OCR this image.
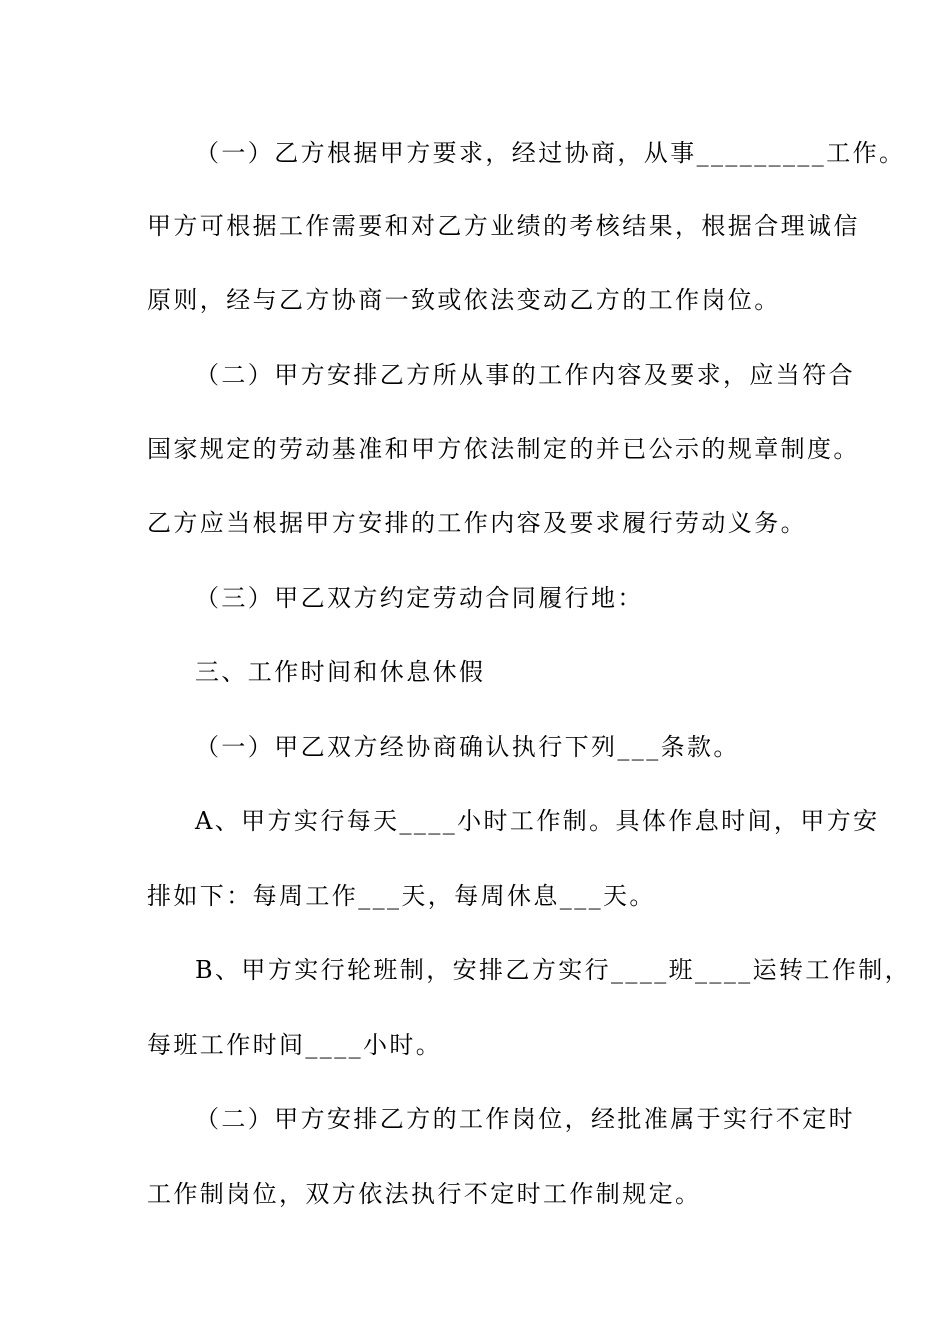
（一）乙方根据甲方要求，经过协商，从事_________工作。
甲方可根据工作需要和对乙方业绩的考核结果，根据合理诚信
原则，经与乙方协商一致或依法变动乙方的工作岗位。
（二）甲方安排乙方所从事的工作内容及要求，应当符合
国家规定的劳动基准和甲方依法制定的并已公示的规章制度。
乙方应当根据甲方安排的工作内容及要求履行劳动义务。
（三）甲乙双方约定劳动合同履行地：
三、工作时间和休息休假
（一）甲乙双方经协商确认执行下列___条款。
A、甲方实行每天____小时工作制。具体作息时间，甲方安
排如下：每周工作___天，每周休息___天。
B、甲方实行轮班制，安排乙方实行____班____运转工作制，
每班工作时间____小时。
（二）甲方安排乙方的工作岗位，经批准属于实行不定时
工作制岗位，双方依法执行不定时工作制规定。
